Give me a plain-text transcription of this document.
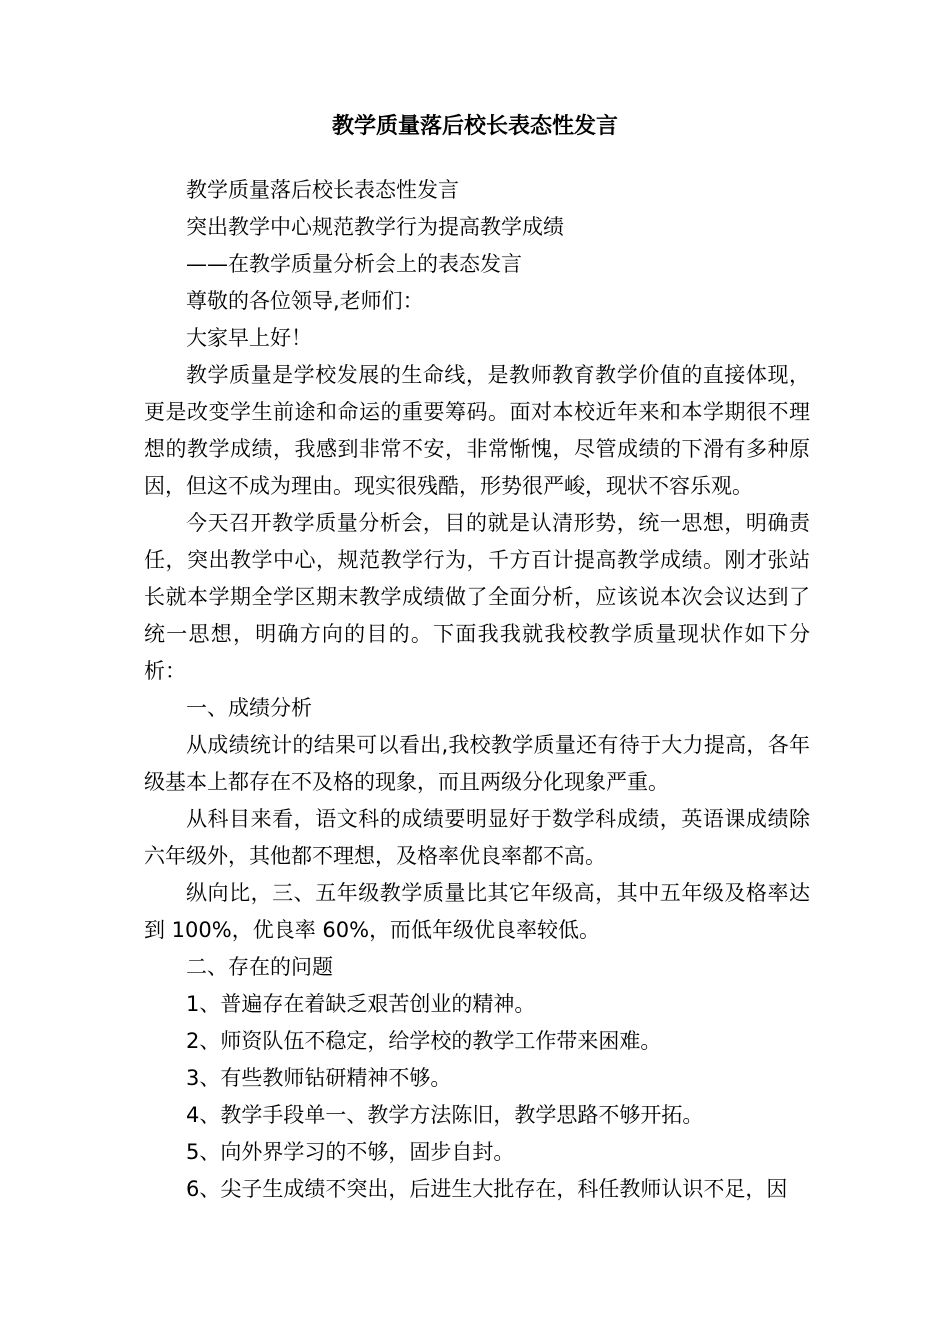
教学质量落后校长表态性发言

教学质量落后校长表态性发言

突出教学中心规范教学行为提高教学成绩

——在教学质量分析会上的表态发言

尊敬的各位领导,老师们：

大家早上好！

教学质量是学校发展的生命线，是教师教育教学价值的直接体现，更是改变学生前途和命运的重要筹码。面对本校近年来和本学期很不理想的教学成绩，我感到非常不安，非常惭愧，尽管成绩的下滑有多种原因，但这不成为理由。现实很残酷，形势很严峻，现状不容乐观。

今天召开教学质量分析会，目的就是认清形势，统一思想，明确责任，突出教学中心，规范教学行为，千方百计提高教学成绩。刚才张站长就本学期全学区期末教学成绩做了全面分析，应该说本次会议达到了统一思想，明确方向的目的。下面我我就我校教学质量现状作如下分析：

一、成绩分析

从成绩统计的结果可以看出,我校教学质量还有待于大力提高，各年级基本上都存在不及格的现象，而且两级分化现象严重。

从科目来看，语文科的成绩要明显好于数学科成绩，英语课成绩除六年级外，其他都不理想，及格率优良率都不高。

纵向比，三、五年级教学质量比其它年级高，其中五年级及格率达到 100%，优良率 60%，而低年级优良率较低。

二、存在的问题

1、普遍存在着缺乏艰苦创业的精神。

2、师资队伍不稳定，给学校的教学工作带来困难。

3、有些教师钻研精神不够。

4、教学手段单一、教学方法陈旧，教学思路不够开拓。

5、向外界学习的不够，固步自封。

6、尖子生成绩不突出，后进生大批存在，科任教师认识不足，因
